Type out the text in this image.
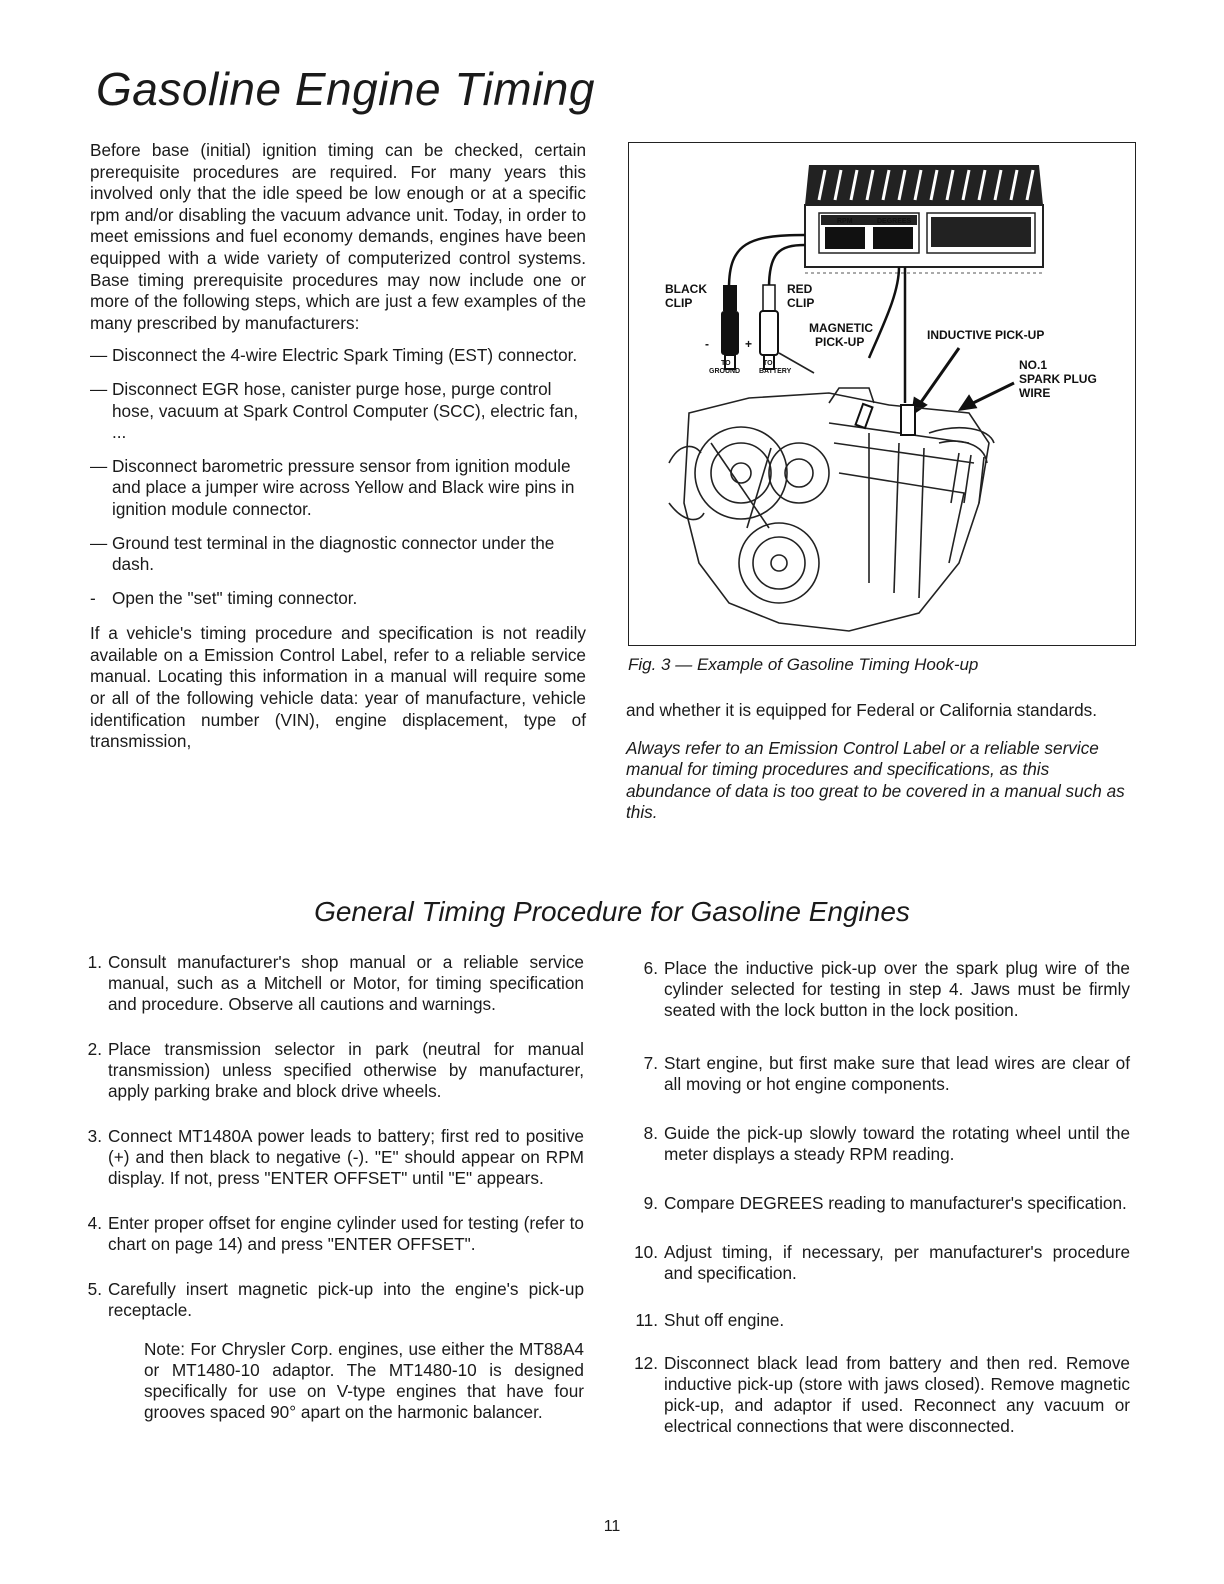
Gasoline Engine Timing

Before base (initial) ignition timing can be checked, certain prerequisite procedures are required. For many years this involved only that the idle speed be low enough or at a specific rpm and/or disabling the vacuum advance unit. Today, in order to meet emissions and fuel economy demands, engines have been equipped with a wide variety of computerized control systems. Base timing prerequisite procedures may now include one or more of the following steps, which are just a few examples of the many prescribed by manufacturers:

— Disconnect the 4-wire Electric Spark Timing (EST) connector.
— Disconnect EGR hose, canister purge hose, purge control hose, vacuum at Spark Control Computer (SCC), electric fan, ...
— Disconnect barometric pressure sensor from ignition module and place a jumper wire across Yellow and Black wire pins in ignition module connector.
— Ground test terminal in the diagnostic connector under the dash.
- Open the "set" timing connector.

If a vehicle's timing procedure and specification is not readily available on a Emission Control Label, refer to a reliable service manual. Locating this information in a manual will require some or all of the following vehicle data: year of manufacture, vehicle identification number (VIN), engine displacement, type of transmission,

RPM	DEGREES
BLACK
CLIP
RED
CLIP
-	+
TO
GROUND
TO
BATTERY
MAGNETIC
PICK-UP	INDUCTIVE PICK-UP
NO.1
SPARK PLUG
WIRE
Fig. 3 — Example of Gasoline Timing Hook-up

and whether it is equipped for Federal or California standards.

Always refer to an Emission Control Label or a reliable service manual for timing procedures and specifications, as this abundance of data is too great to be covered in a manual such as this.

General Timing Procedure for Gasoline Engines
1. Consult manufacturer's shop manual or a reliable service manual, such as a Mitchell or Motor, for timing specification and procedure. Observe all cautions and warnings.
2. Place transmission selector in park (neutral for manual transmission) unless specified otherwise by manufacturer, apply parking brake and block drive wheels.
3. Connect MT1480A power leads to battery; first red to positive (+) and then black to negative (-). "E" should appear on RPM display. If not, press "ENTER OFFSET" until "E" appears.
4. Enter proper offset for engine cylinder used for testing (refer to chart on page 14) and press "ENTER OFFSET".
5. Carefully insert magnetic pick-up into the engine's pick-up receptacle.

Note: For Chrysler Corp. engines, use either the MT88A4 or MT1480-10 adaptor. The MT1480-10 is designed specifically for use on V-type engines that have four grooves spaced 90° apart on the harmonic balancer.

6. Place the inductive pick-up over the spark plug wire of the cylinder selected for testing in step 4. Jaws must be firmly seated with the lock button in the lock position.
7. Start engine, but first make sure that lead wires are clear of all moving or hot engine components.
8. Guide the pick-up slowly toward the rotating wheel until the meter displays a steady RPM reading.
9. Compare DEGREES reading to manufacturer's specification.
10. Adjust timing, if necessary, per manufacturer's procedure and specification.
11. Shut off engine.
12. Disconnect black lead from battery and then red. Remove inductive pick-up (store with jaws closed). Remove magnetic pick-up, and adaptor if used. Reconnect any vacuum or electrical connections that were disconnected.
11
